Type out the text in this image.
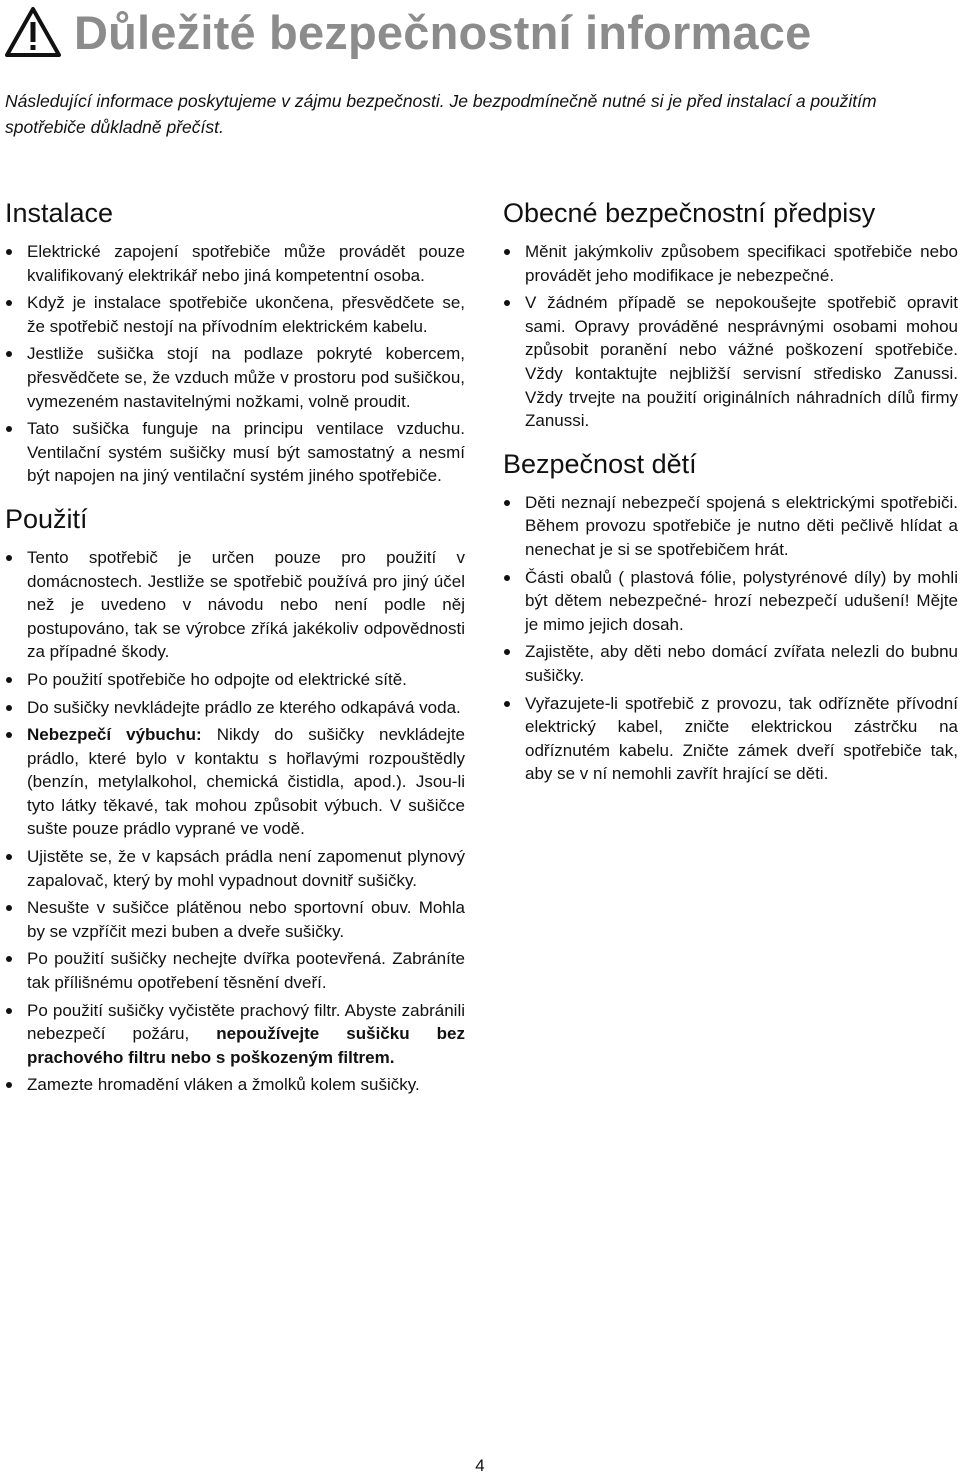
Důležité bezpečnostní informace
Následující informace poskytujeme v zájmu bezpečnosti. Je bezpodmínečně nutné si je před instalací a použitím spotřebiče důkladně přečíst.
Instalace
Elektrické zapojení spotřebiče může provádět pouze kvalifikovaný elektrikář nebo jiná kompetentní osoba.
Když je instalace spotřebiče ukončena, přesvědčete se, že spotřebič nestojí na přívodním elektrickém kabelu.
Jestliže sušička stojí na podlaze pokryté kobercem, přesvědčete se, že vzduch může v prostoru pod sušičkou, vymezeném nastavitelnými nožkami, volně proudit.
Tato sušička funguje na principu ventilace vzduchu. Ventilační systém sušičky musí být samostatný a nesmí být napojen na jiný ventilační systém jiného spotřebiče.
Použití
Tento spotřebič je určen pouze pro použití v domácnostech. Jestliže se spotřebič používá pro jiný účel než je uvedeno v návodu nebo není podle něj postupováno, tak se výrobce zříká jakékoliv odpovědnosti za případné škody.
Po použití spotřebiče ho odpojte od elektrické sítě.
Do sušičky nevkládejte prádlo ze kterého odkapává voda.
Nebezpečí výbuchu: Nikdy do sušičky nevkládejte prádlo, které bylo v kontaktu s hořlavými rozpouštědly (benzín, metylalkohol, chemická čistidla, apod.). Jsou-li tyto látky těkavé, tak mohou způsobit výbuch. V sušičce sušte pouze prádlo vyprané ve vodě.
Ujistěte se, že v kapsách prádla není zapomenut plynový zapalovač, který by mohl vypadnout dovnitř sušičky.
Nesušte v sušičce plátěnou nebo sportovní obuv. Mohla by se vzpříčit mezi buben a dveře sušičky.
Po použití sušičky nechejte dvířka pootevřená. Zabráníte tak přílišnému opotřebení těsnění dveří.
Po použití sušičky vyčistěte prachový filtr. Abyste zabránili nebezpečí požáru, nepoužívejte sušičku bez prachového filtru nebo s poškozeným filtrem.
Zamezte hromadění vláken a žmolků kolem sušičky.
Obecné bezpečnostní předpisy
Měnit jakýmkoliv způsobem specifikaci spotřebiče nebo provádět jeho modifikace je nebezpečné.
V žádném případě se nepokoušejte spotřebič opravit sami. Opravy prováděné nesprávnými osobami mohou způsobit poranění nebo vážné poškození spotřebiče. Vždy kontaktujte nejbližší servisní středisko Zanussi. Vždy trvejte na použití originálních náhradních dílů firmy Zanussi.
Bezpečnost dětí
Děti neznají nebezpečí spojená s elektrickými spotřebiči. Během provozu spotřebiče je nutno děti pečlivě hlídat a nenechat je si se spotřebičem hrát.
Části obalů ( plastová fólie, polystyrénové díly) by mohli být dětem nebezpečné- hrozí nebezpečí udušení! Mějte je mimo jejich dosah.
Zajistěte, aby děti nebo domácí zvířata nelezli do bubnu sušičky.
Vyřazujete-li spotřebič z provozu, tak odřízněte přívodní elektrický kabel, zničte elektrickou zástrčku na odříznutém kabelu. Zničte zámek dveří spotřebiče tak, aby se v ní nemohli zavřít hrající se děti.
4
